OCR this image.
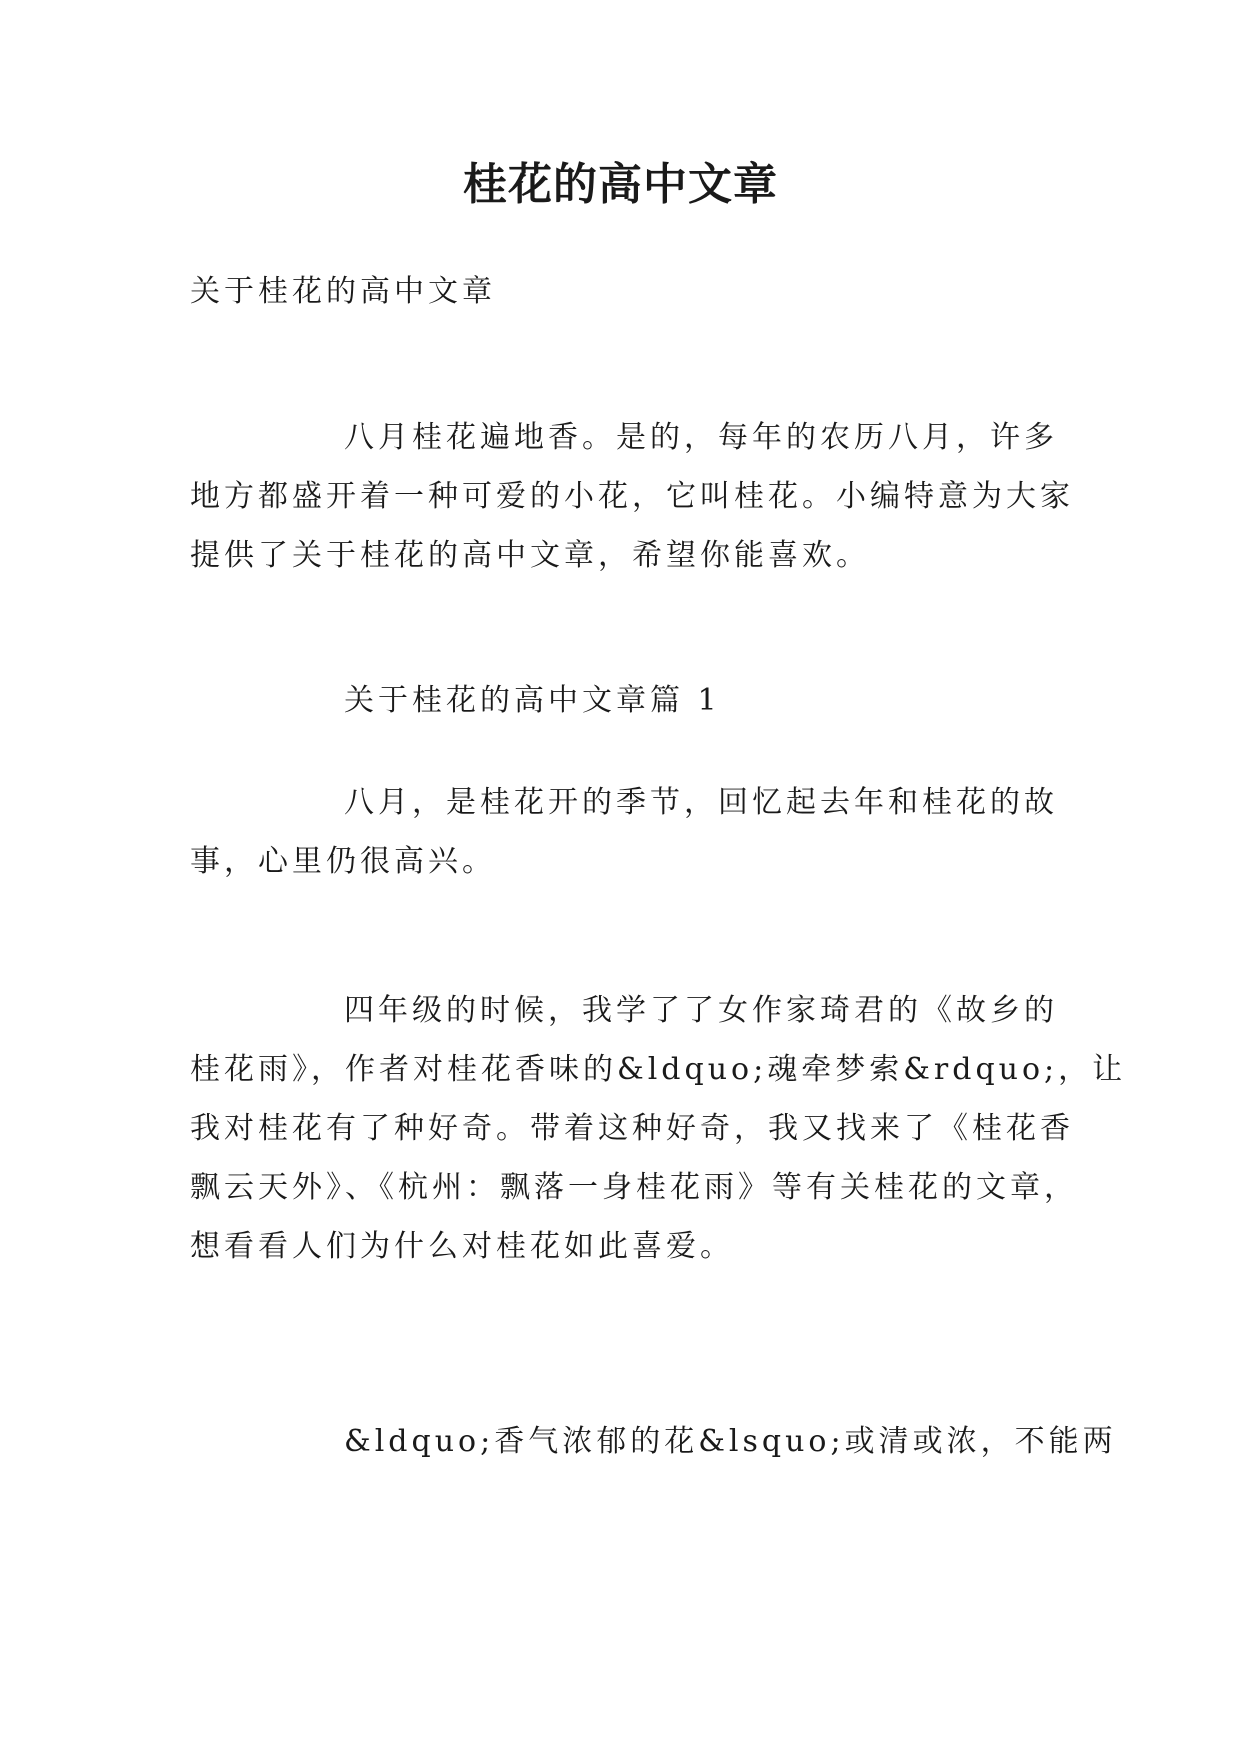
桂花的高中文章

关于桂花的高中文章

八月桂花遍地香。是的，每年的农历八月，许多
地方都盛开着一种可爱的小花，它叫桂花。小编特意为大家
提供了关于桂花的高中文章，希望你能喜欢。

关于桂花的高中文章篇 1

八月，是桂花开的季节，回忆起去年和桂花的故
事，心里仍很高兴。

四年级的时候，我学了了女作家琦君的《故乡的
桂花雨》，作者对桂花香味的&ldquo;魂牵梦索&rdquo;，让
我对桂花有了种好奇。带着这种好奇，我又找来了《桂花香
飘云天外》、《杭州：飘落一身桂花雨》等有关桂花的文章，
想看看人们为什么对桂花如此喜爱。

&ldquo;香气浓郁的花&lsquo;或清或浓，不能两
